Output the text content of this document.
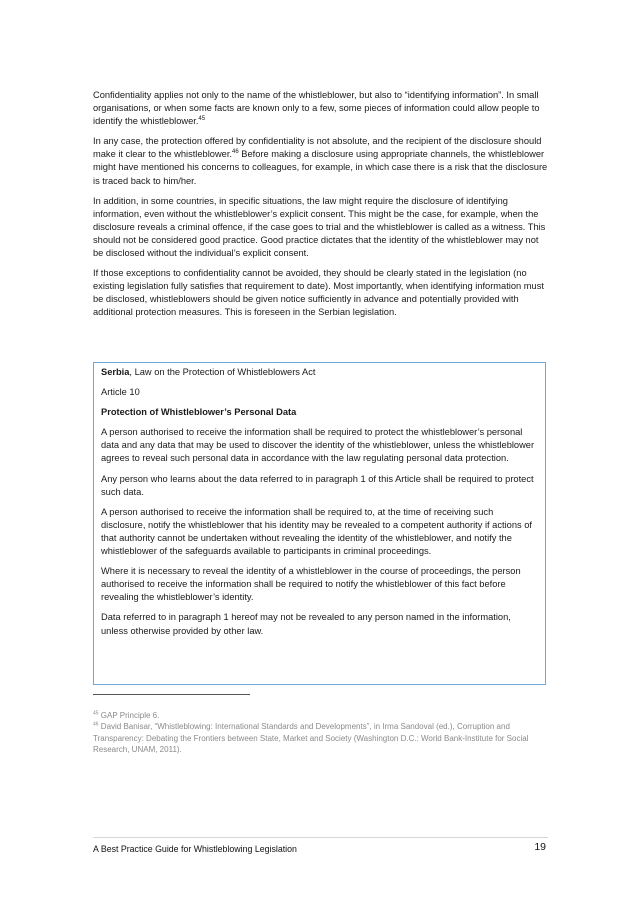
Confidentiality applies not only to the name of the whistleblower, but also to “identifying information”. In small organisations, or when some facts are known only to a few, some pieces of information could allow people to identify the whistleblower.$^{45}$

In any case, the protection offered by confidentiality is not absolute, and the recipient of the disclosure should make it clear to the whistleblower.$^{46}$ Before making a disclosure using appropriate channels, the whistleblower might have mentioned his concerns to colleagues, for example, in which case there is a risk that the disclosure is traced back to him/her.

In addition, in some countries, in specific situations, the law might require the disclosure of identifying information, even without the whistleblower’s explicit consent. This might be the case, for example, when the disclosure reveals a criminal offence, if the case goes to trial and the whistleblower is called as a witness. This should not be considered good practice. Good practice dictates that the identity of the whistleblower may not be disclosed without the individual’s explicit consent.

If those exceptions to confidentiality cannot be avoided, they should be clearly stated in the legislation (no existing legislation fully satisfies that requirement to date). Most importantly, when identifying information must be disclosed, whistleblowers should be given notice sufficiently in advance and potentially provided with additional protection measures. This is foreseen in the Serbian legislation.

Serbia, Law on the Protection of Whistleblowers Act

Article 10

Protection of Whistleblower’s Personal Data

A person authorised to receive the information shall be required to protect the whistleblower’s personal data and any data that may be used to discover the identity of the whistleblower, unless the whistleblower agrees to reveal such personal data in accordance with the law regulating personal data protection.

Any person who learns about the data referred to in paragraph 1 of this Article shall be required to protect such data.

A person authorised to receive the information shall be required to, at the time of receiving such disclosure, notify the whistleblower that his identity may be revealed to a competent authority if actions of that authority cannot be undertaken without revealing the identity of the whistleblower, and notify the whistleblower of the safeguards available to participants in criminal proceedings.

Where it is necessary to reveal the identity of a whistleblower in the course of proceedings, the person authorised to receive the information shall be required to notify the whistleblower of this fact before revealing the whistleblower’s identity.

Data referred to in paragraph 1 hereof may not be revealed to any person named in the information, unless otherwise provided by other law.

$^{45}$ GAP Principle 6.

$^{46}$ David Banisar, “Whistleblowing: International Standards and Developments”, in Irma Sandoval (ed.), Corruption and Transparency: Debating the Frontiers between State, Market and Society (Washington D.C.: World Bank-Institute for Social Research, UNAM, 2011).

A Best Practice Guide for Whistleblowing Legislation	19
